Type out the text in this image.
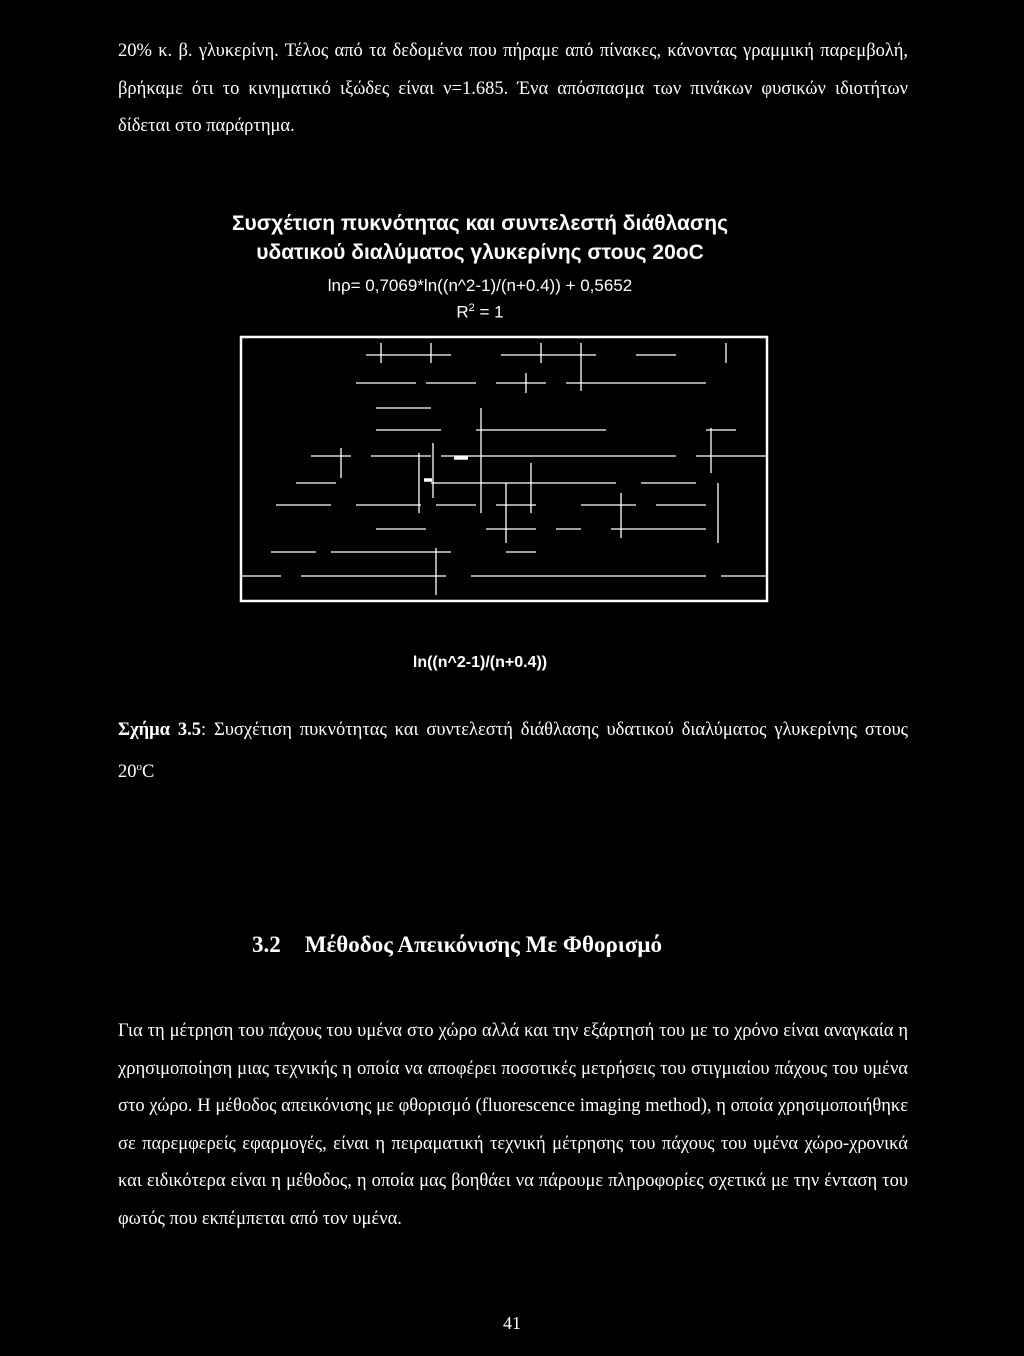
20% κ. β. γλυκερίνη. Τέλος από τα δεδομένα που πήραμε από πίνακες, κάνοντας γραμμική παρεμβολή, βρήκαμε ότι το κινηματικό ιξώδες είναι ν=1.685. Ένα απόσπασμα των πινάκων φυσικών ιδιοτήτων δίδεται στο παράρτημα.

Συσχέτιση πυκνότητας και συντελεστή διάθλασης
υδατικού διαλύματος γλυκερίνης στους 20oC
lnρ= 0,7069*ln((n^2-1)/(n+0.4)) + 0,5652
$R^2 = 1$
ln((n^2-1)/(n+0.4))

Σχήμα 3.5: Συσχέτιση πυκνότητας και συντελεστή διάθλασης υδατικού διαλύματος γλυκερίνης στους $20^oC$

3.2 Μέθοδος Απεικόνισης Με Φθορισμό

Για τη μέτρηση του πάχους του υμένα στο χώρο αλλά και την εξάρτησή του με το χρόνο είναι αναγκαία η χρησιμοποίηση μιας τεχνικής η οποία να αποφέρει ποσοτικές μετρήσεις του στιγμιαίου πάχους του υμένα στο χώρο. Η μέθοδος απεικόνισης με φθορισμό (fluorescence imaging method), η οποία χρησιμοποιήθηκε σε παρεμφερείς εφαρμογές, είναι η πειραματική τεχνική μέτρησης του πάχους του υμένα χώρο-χρονικά και ειδικότερα είναι η μέθοδος, η οποία μας βοηθάει να πάρουμε πληροφορίες σχετικά με την ένταση του φωτός που εκπέμπεται από τον υμένα.

41
